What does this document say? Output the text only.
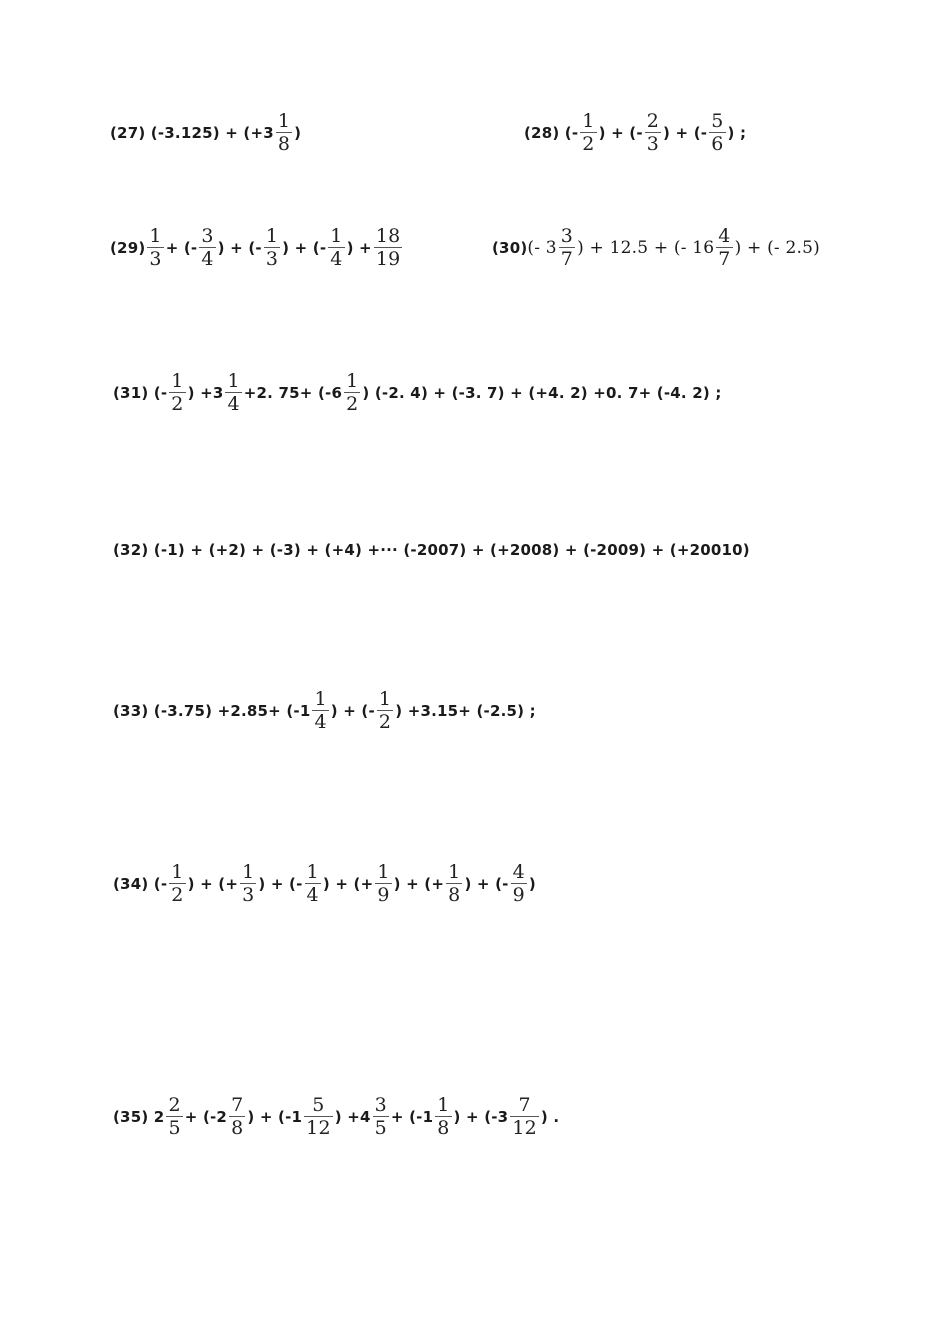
(27) $(-3.125) + (+3 \frac{1}{8}$ )	(28) (- $\frac{1}{2}$ ) + (- $\frac{2}{3}$ ) + (- $\frac{5}{6}$ ) ;
$(29) \frac{1}{3}$ + (- $\frac{3}{4}$ ) + (- $\frac{1}{3}$ ) + (- $\frac{1}{4}$ ) + $\frac{18}{19}$	(30) (- $3 \frac{3}{7}$ ) + 12.5 + (- $16 \frac{4}{7}$ ) + (- 2.5)
(31) (- $\frac{1}{2}$ ) $+3 \frac{1}{4} +2$. $75+ (-6 \frac{1}{2}$ ) (-2. 4) + (-3. 7) + (+4. 2) +0. 7+ (-4. 2) ;
(32) (-1) + (+2) + (-3) + (+4) +··· (-2007) + (+2008) + (-2009) + (+20010)
(33) $(-3.75) +2.85+ (-1 \frac{1}{4}$ ) + (- $\frac{1}{2}$ ) +3.15+ (-2.5) ;
(34) (- $\frac{1}{2}$ ) + (+ $\frac{1}{3}$ ) + (- $\frac{1}{4}$ ) + (+ $\frac{1}{9}$ ) + (+ $\frac{1}{8}$ ) + (- $\frac{4}{9}$ )
(35) $2 \frac{2}{5} + (-2 \frac{7}{8}$ ) + ($-1 \frac{5}{12}$ ) $+4 \frac{3}{5} + (-1 \frac{1}{8}$ ) + ($-3 \frac{7}{12}$ ) .
